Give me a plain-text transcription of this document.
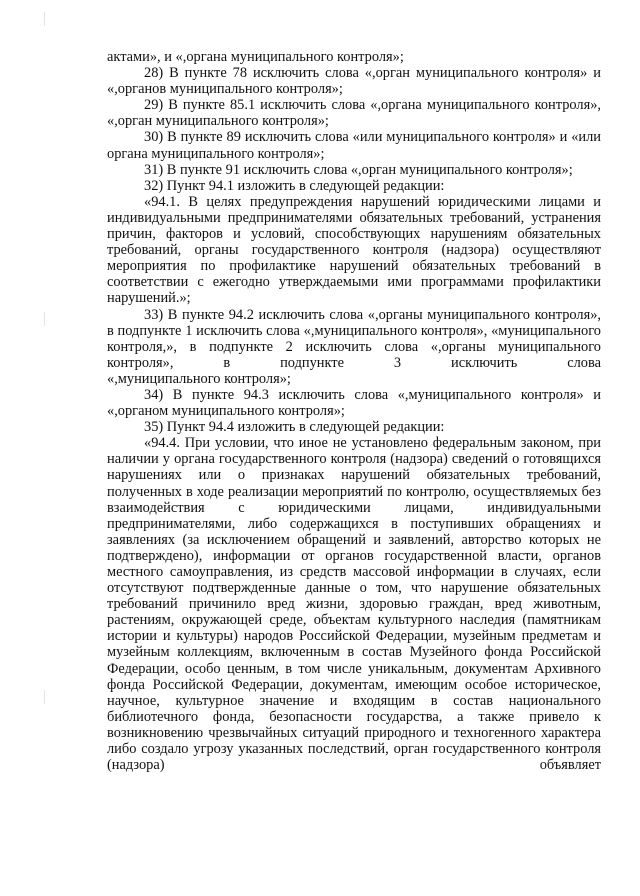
актами», и «,органа муниципального контроля»;

28) В пункте 78 исключить слова «,орган муниципального контроля» и «,органов муниципального контроля»;

29) В пункте 85.1 исключить слова «,органа муниципального контроля», «,орган муниципального контроля»;

30) В пункте 89 исключить слова «или муниципального контроля» и «или органа муниципального контроля»;

31) В пункте 91 исключить слова «,орган муниципального контроля»;

32) Пункт 94.1 изложить в следующей редакции:

«94.1. В целях предупреждения нарушений юридическими лицами и индивидуальными предпринимателями обязательных требований, устранения причин, факторов и условий, способствующих нарушениям обязательных требований, органы государственного контроля (надзора) осуществляют мероприятия по профилактике нарушений обязательных требований в соответствии с ежегодно утверждаемыми ими программами профилактики нарушений.»;

33) В пункте 94.2 исключить слова «,органы муниципального контроля», в подпункте 1 исключить слова «,муниципального контроля», «муниципального контроля,», в подпункте 2 исключить слова «,органы муниципального контроля», в подпункте 3 исключить слова

«,муниципального контроля»;

34) В пункте 94.3 исключить слова «,муниципального контроля» и «,органом муниципального контроля»;

35) Пункт 94.4 изложить в следующей редакции:

«94.4. При условии, что иное не установлено федеральным законом, при наличии у органа государственного контроля (надзора) сведений о готовящихся нарушениях или о признаках нарушений обязательных требований, полученных в ходе реализации мероприятий по контролю, осуществляемых без взаимодействия с юридическими лицами, индивидуальными предпринимателями, либо содержащихся в поступивших обращениях и заявлениях (за исключением обращений и заявлений, авторство которых не подтверждено), информации от органов государственной власти, органов местного самоуправления, из средств массовой информации в случаях, если отсутствуют подтвержденные данные о том, что нарушение обязательных требований причинило вред жизни, здоровью граждан, вред животным, растениям, окружающей среде, объектам культурного наследия (памятникам истории и культуры) народов Российской Федерации, музейным предметам и музейным коллекциям, включенным в состав Музейного фонда Российской Федерации, особо ценным, в том числе уникальным, документам Архивного фонда Российской Федерации, документам, имеющим особое историческое, научное, культурное значение и входящим в состав национального библиотечного фонда, безопасности государства, а также привело к возникновению чрезвычайных ситуаций природного и техногенного характера либо создало угрозу указанных последствий, орган государственного контроля (надзора) объявляет
